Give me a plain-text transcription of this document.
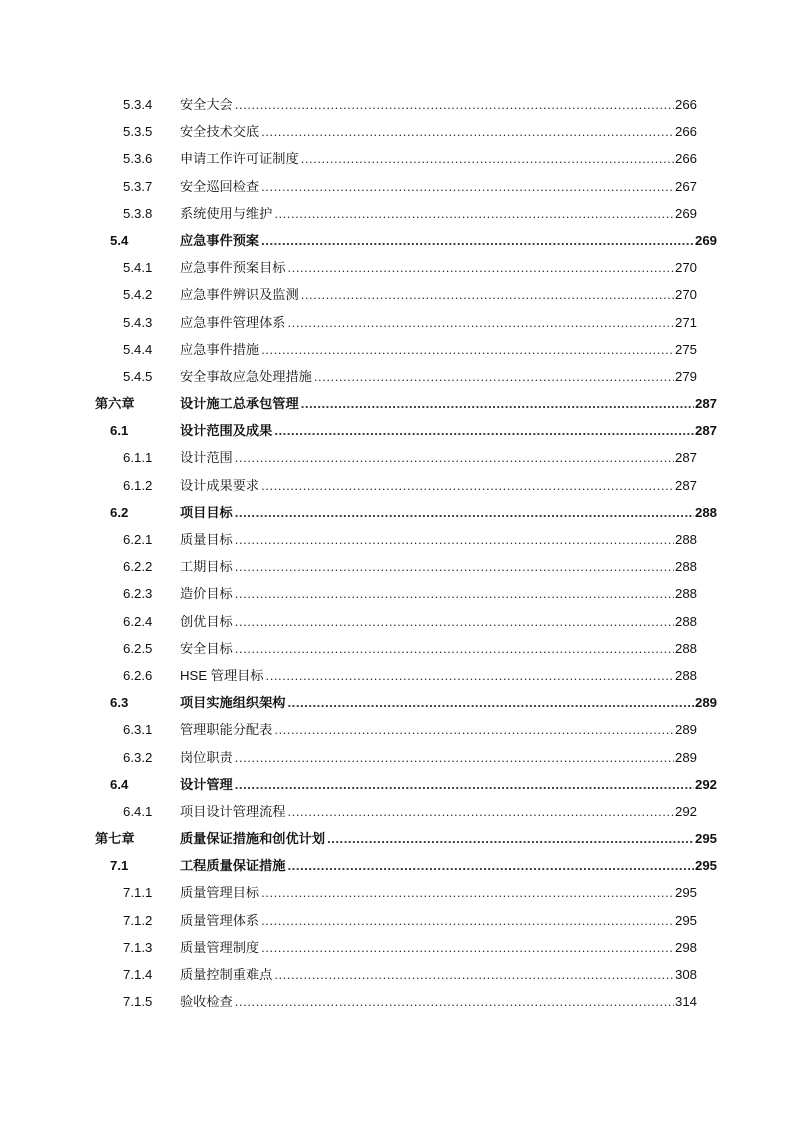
5.3.4 安全大会 .....	266
5.3.5 安全技术交底 .....	266
5.3.6 申请工作许可证制度 .....	266
5.3.7 安全巡回检查 .....	267
5.3.8 系统使用与维护 .....	269
5.4	应急事件预案 .....	269
5.4.1 应急事件预案目标 .....	270
5.4.2 应急事件辨识及监测 .....	270
5.4.3 应急事件管理体系 .....	271
5.4.4 应急事件措施 .....	275
5.4.5 安全事故应急处理措施 .....	279
第六章	设计施工总承包管理 .....	287
6.1	设计范围及成果 .....	287
6.1.1 设计范围 .....	287
6.1.2 设计成果要求 .....	287
6.2	项目目标 .....	288
6.2.1 质量目标 .....	288
6.2.2 工期目标 .....	288
6.2.3 造价目标 .....	288
6.2.4 创优目标 .....	288
6.2.5 安全目标 .....	288
6.2.6 HSE 管理目标 .....	288
6.3	项目实施组织架构 .....	289
6.3.1 管理职能分配表 .....	289
6.3.2 岗位职责 .....	289
6.4	设计管理 .....	292
6.4.1 项目设计管理流程 .....	292
第七章	质量保证措施和创优计划 .....	295
7.1	工程质量保证措施 .....	295
7.1.1 质量管理目标 .....	295
7.1.2 质量管理体系 .....	295
7.1.3 质量管理制度 .....	298
7.1.4 质量控制重难点 .....	308
7.1.5 验收检查 .....	314
